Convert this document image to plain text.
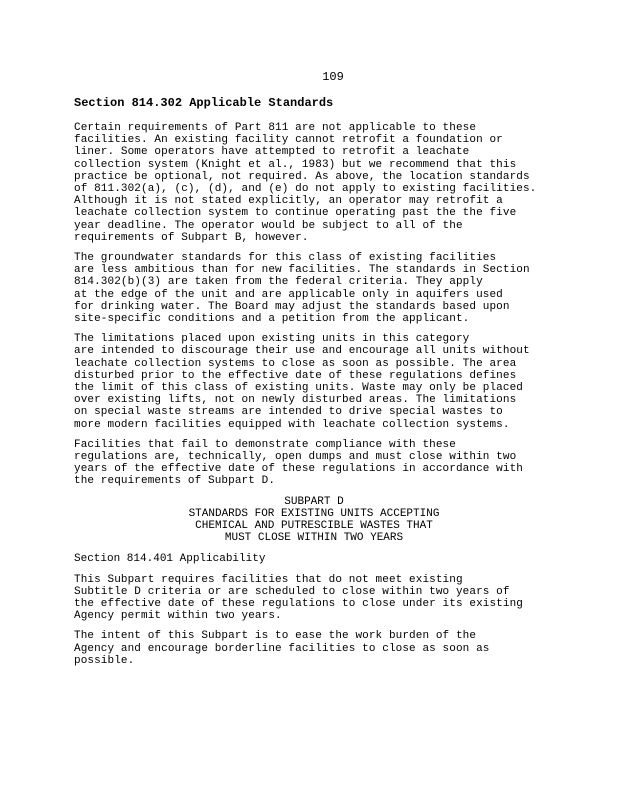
109
Section 814.302 Applicable Standards
Certain requirements of Part 811 are not applicable to these
facilities. An existing facility cannot retrofit a foundation or
liner. Some operators have attempted to retrofit a leachate
collection system (Knight et al., 1983) but we recommend that this
practice be optional, not required. As above, the location standards
of 811.302(a), (c), (d), and (e) do not apply to existing facilities.
Although it is not stated explicitly, an operator may retrofit a
leachate collection system to continue operating past the the five
year deadline. The operator would be subject to all of the
requirements of Subpart B, however.
The groundwater standards for this class of existing facilities
are less ambitious than for new facilities. The standards in Section
814.302(b)(3) are taken from the federal criteria. They apply
at the edge of the unit and are applicable only in aquifers used
for drinking water. The Board may adjust the standards based upon
site-specific conditions and a petition from the applicant.
The limitations placed upon existing units in this category
are intended to discourage their use and encourage all units without
leachate collection systems to close as soon as possible. The area
disturbed prior to the effective date of these regulations defines
the limit of this class of existing units. Waste may only be placed
over existing lifts, not on newly disturbed areas. The limitations
on special waste streams are intended to drive special wastes to
more modern facilities equipped with leachate collection systems.
Facilities that fail to demonstrate compliance with these
regulations are, technically, open dumps and must close within two
years of the effective date of these regulations in accordance with
the requirements of Subpart D.
SUBPART D
STANDARDS FOR EXISTING UNITS ACCEPTING
CHEMICAL AND PUTRESCIBLE WASTES THAT
MUST CLOSE WITHIN TWO YEARS
Section 814.401 Applicability
This Subpart requires facilities that do not meet existing
Subtitle D criteria or are scheduled to close within two years of
the effective date of these regulations to close under its existing
Agency permit within two years.
The intent of this Subpart is to ease the work burden of the
Agency and encourage borderline facilities to close as soon as
possible.
